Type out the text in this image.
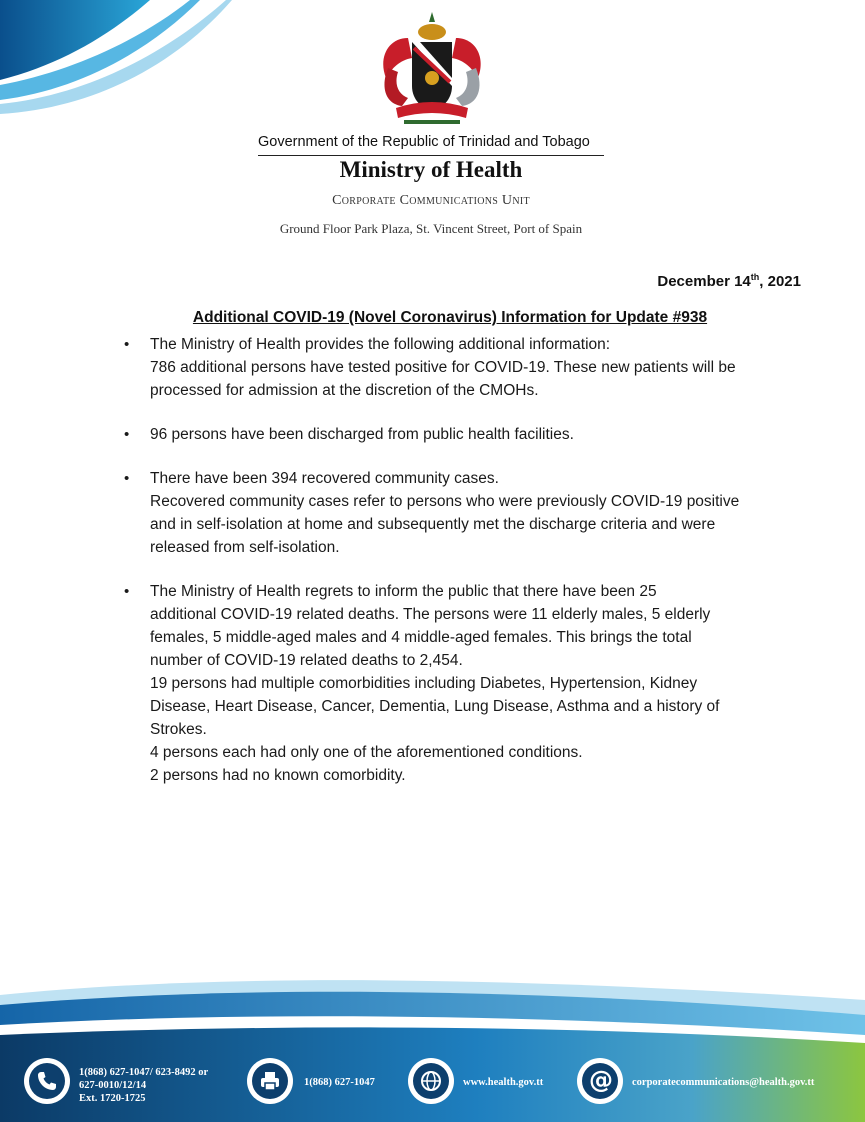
Government of the Republic of Trinidad and Tobago
Ministry of Health
Corporate Communications Unit
Ground Floor Park Plaza, St. Vincent Street, Port of Spain
December 14th, 2021
Additional COVID-19 (Novel Coronavirus) Information for Update #938
• The Ministry of Health provides the following additional information:
786 additional persons have tested positive for COVID-19. These new patients will be
processed for admission at the discretion of the CMOHs.
• 96 persons have been discharged from public health facilities.
• There have been 394 recovered community cases.
Recovered community cases refer to persons who were previously COVID-19 positive
and in self-isolation at home and subsequently met the discharge criteria and were
released from self-isolation.
• The Ministry of Health regrets to inform the public that there have been 25
additional COVID-19 related deaths. The persons were 11 elderly males, 5 elderly
females, 5 middle-aged males and 4 middle-aged females. This brings the total
number of COVID-19 related deaths to 2,454.
19 persons had multiple comorbidities including Diabetes, Hypertension, Kidney
Disease, Heart Disease, Cancer, Dementia, Lung Disease, Asthma and a history of
Strokes.
4 persons each had only one of the aforementioned conditions.
2 persons had no known comorbidity.
1(868) 627-1047/ 623-8492 or
627-0010/12/14
Ext. 1720-1725
1(868) 627-1047	www.health.gov.tt @ corporatecommunications@health.gov.tt
